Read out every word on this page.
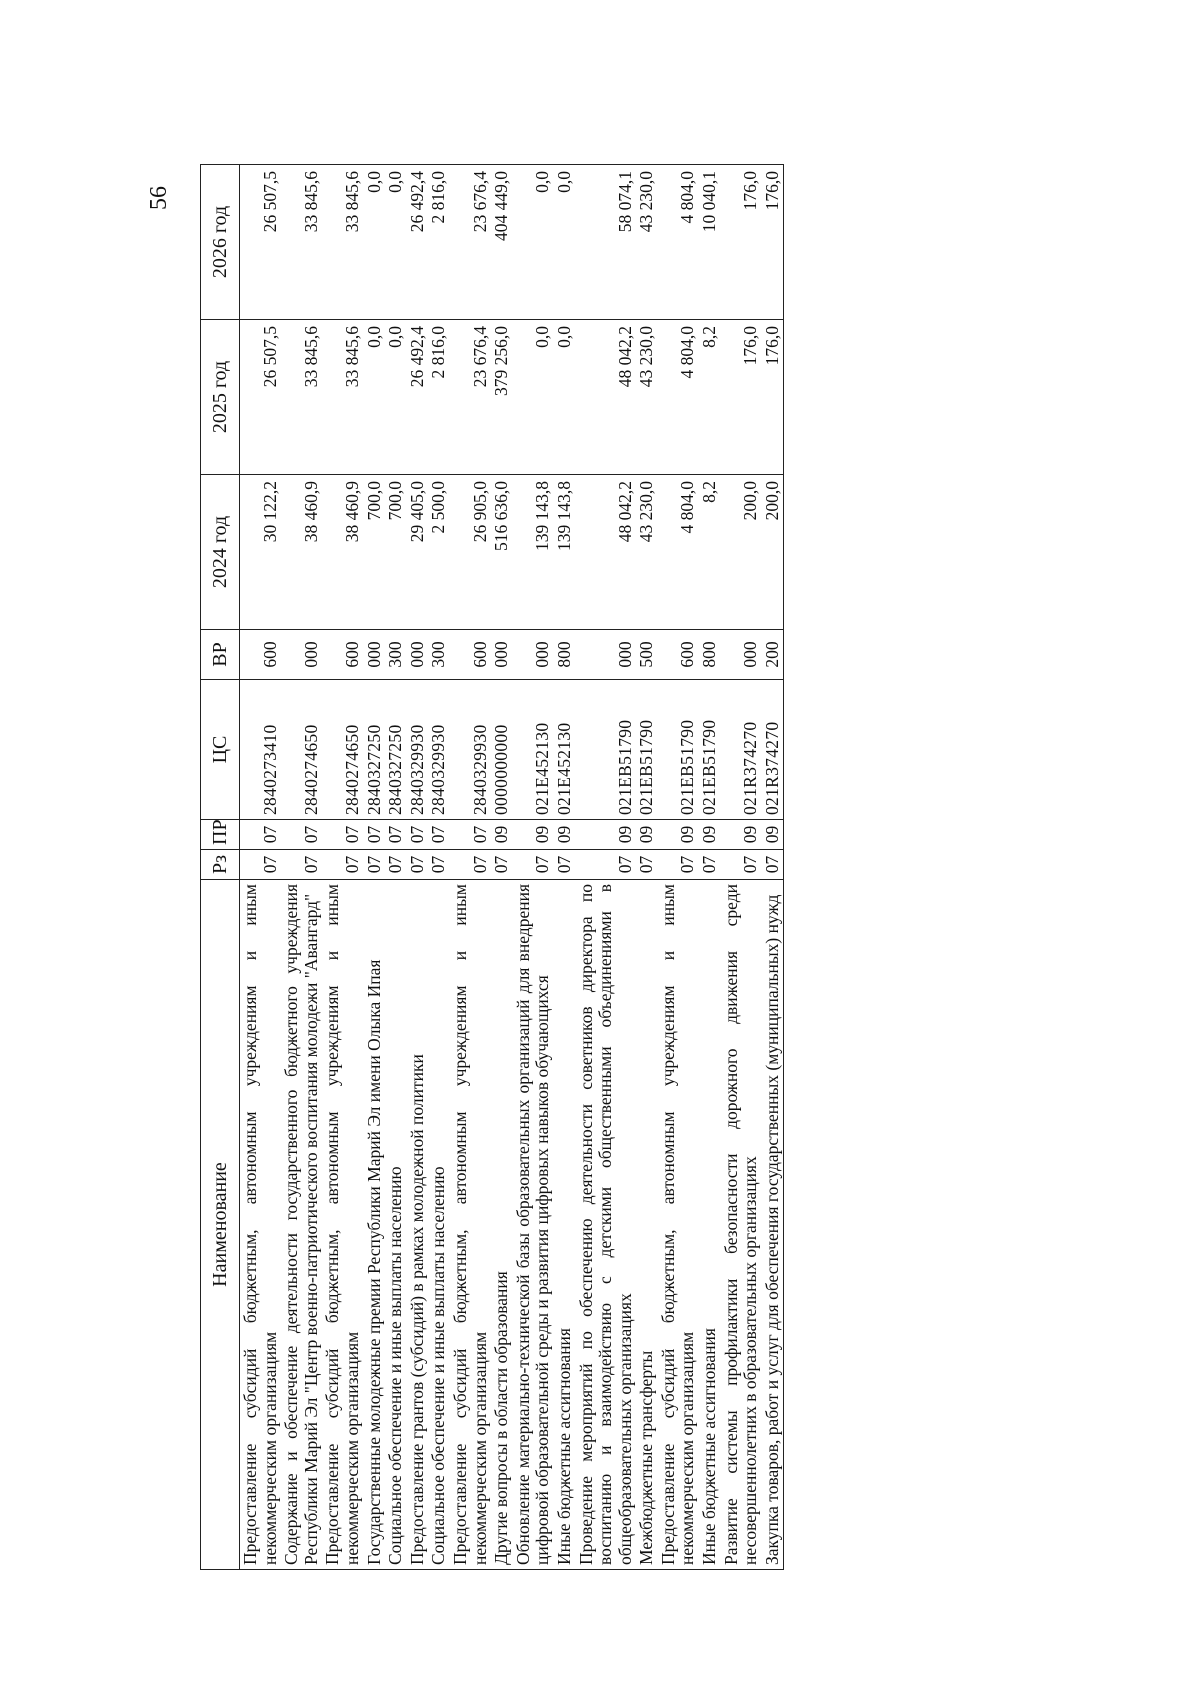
56
Наименование	Рз	ПР	ЦС	ВР	2024 год	2025 год	2026 год
Предоставление субсидий бюджетным, автономным учреждениям и иным некоммерческим организациям	07	07	2840273410	600	30 122,2	26 507,5	26 507,5
Содержание и обеспечение деятельности государственного бюджетного учреждения Республики Марий Эл "Центр военно-патриотического воспитания молодежи "Авангард"	07	07	2840274650	000	38 460,9	33 845,6	33 845,6
Предоставление субсидий бюджетным, автономным учреждениям и иным некоммерческим организациям	07	07	2840274650	600	38 460,9	33 845,6	33 845,6
Государственные молодежные премии Республики Марий Эл имени Олыка Ипая	07	07	2840327250	000	700,0	0,0	0,0
Социальное обеспечение и иные выплаты населению	07	07	2840327250	300	700,0	0,0	0,0
Предоставление грантов (субсидий) в рамках молодежной политики	07	07	2840329930	000	29 405,0	26 492,4	26 492,4
Социальное обеспечение и иные выплаты населению	07	07	2840329930	300	2 500,0	2 816,0	2 816,0
Предоставление субсидий бюджетным, автономным учреждениям и иным некоммерческим организациям	07	07	2840329930	600	26 905,0	23 676,4	23 676,4
Другие вопросы в области образования	07	09	0000000000	000	516 636,0	379 256,0	404 449,0
Обновление материально-технической базы образовательных организаций для внедрения цифровой образовательной среды и развития цифровых навыков обучающихся	07	09	021E452130	000	139 143,8	0,0	0,0
Иные бюджетные ассигнования	07	09	021E452130	800	139 143,8	0,0	0,0
Проведение мероприятий по обеспечению деятельности советников директора по воспитанию и взаимодействию с детскими общественными объединениями в общеобразовательных организациях	07	09	021EB51790	000	48 042,2	48 042,2	58 074,1
Межбюджетные трансферты	07	09	021EB51790	500	43 230,0	43 230,0	43 230,0
Предоставление субсидий бюджетным, автономным учреждениям и иным некоммерческим организациям	07	09	021EB51790	600	4 804,0	4 804,0	4 804,0
Иные бюджетные ассигнования	07	09	021EB51790	800	8,2	8,2	10 040,1
Развитие системы профилактики безопасности дорожного движения среди несовершеннолетних в образовательных организациях	07	09	021R374270	000	200,0	176,0	176,0
Закупка товаров, работ и услуг для обеспечения государственных (муниципальных) нужд	07	09	021R374270	200	200,0	176,0	176,0
